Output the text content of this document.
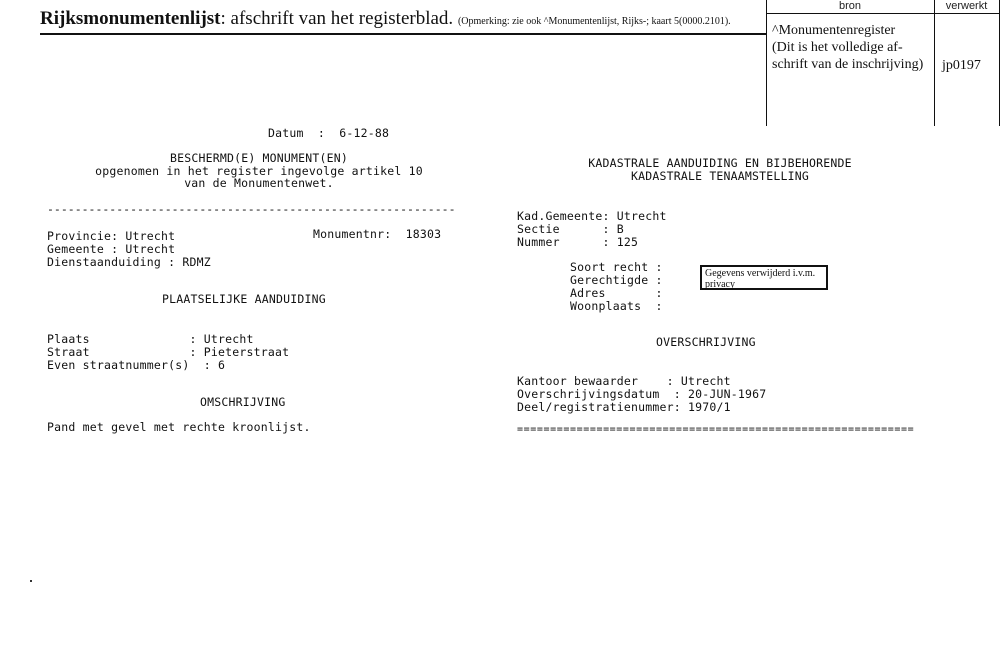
Rijksmonumentenlijst: afschrift van het registerblad. (Opmerking: zie ook ^Monumentenlijst, Rijks-; kaart 5(0000.2101).
bron	verwerkt
^Monumentenregister
(Dit is het volledige af-
schrift van de inschrijving)	jp0197
Datum  :  6-12-88
BESCHERMD(E) MONUMENT(EN)
opgenomen in het register ingevolge artikel 10
van de Monumentenwet.
-----------------------------------------------------------
Provincie: Utrecht	Monumentnr:  18303
Gemeente : Utrecht
Dienstaanduiding : RDMZ
PLAATSELIJKE AANDUIDING
Plaats              : Utrecht
Straat              : Pieterstraat
Even straatnummer(s)  : 6
OMSCHRIJVING
Pand met gevel met rechte kroonlijst.
KADASTRALE AANDUIDING EN BIJBEHORENDE
KADASTRALE TENAAMSTELLING
Kad.Gemeente: Utrecht
Sectie      : B
Nummer      : 125
Soort recht :
Gerechtigde :
Adres       :
Woonplaats  :
Gegevens verwijderd i.v.m. privacy
OVERSCHRIJVING
Kantoor bewaarder    : Utrecht
Overschrijvingsdatum  : 20-JUN-1967
Deel/registratienummer: 1970/1
============================================================
